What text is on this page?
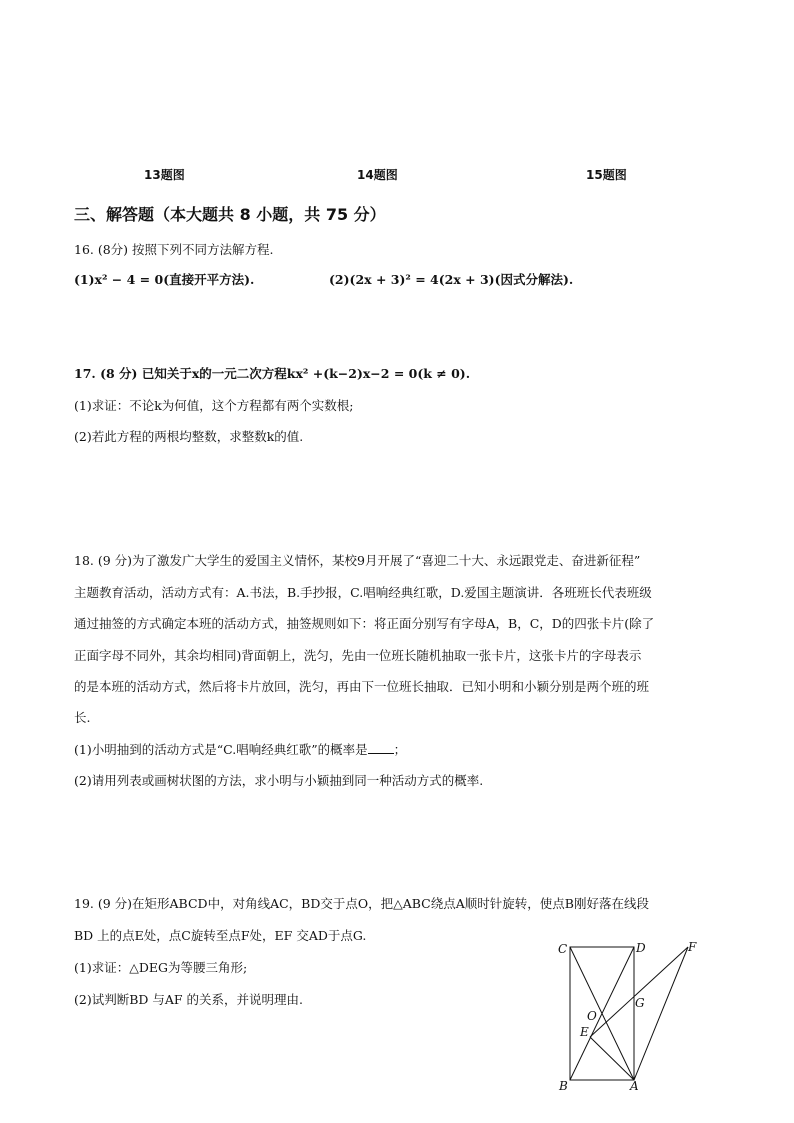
13题图	14题图	15题图
三、解答题（本大题共 8 小题，共 75 分）
16. (8分) 按照下列不同方法解方程.
(1)x² − 4 = 0(直接开平方法).	(2)(2x + 3)² = 4(2x + 3)(因式分解法).
17. (8 分) 已知关于x的一元二次方程kx² +(k−2)x−2 = 0(k ≠ 0).
(1)求证：不论k为何值，这个方程都有两个实数根;
(2)若此方程的两根均整数，求整数k的值.
18. (9 分)为了激发广大学生的爱国主义情怀，某校9月开展了“喜迎二十大、永远跟党走、奋进新征程”
主题教育活动，活动方式有：A.书法，B.手抄报，C.唱响经典红歌，D.爱国主题演讲．各班班长代表班级
通过抽签的方式确定本班的活动方式，抽签规则如下：将正面分别写有字母A，B，C，D的四张卡片(除了
正面字母不同外，其余均相同)背面朝上，洗匀，先由一位班长随机抽取一张卡片，这张卡片的字母表示
的是本班的活动方式，然后将卡片放回，洗匀，再由下一位班长抽取．已知小明和小颖分别是两个班的班
长.
(1)小明抽到的活动方式是“C.唱响经典红歌”的概率是 ；
(2)请用列表或画树状图的方法，求小明与小颖抽到同一种活动方式的概率.
19. (9 分)在矩形ABCD中，对角线AC，BD交于点O，把△ABC绕点A顺时针旋转，使点B刚好落在线段
BD 上的点E处，点C旋转至点F处，EF 交AD于点G.
(1)求证：△DEG为等腰三角形;
(2)试判断BD 与AF 的关系，并说明理由.
C	D	F
G
O
E
B	A
